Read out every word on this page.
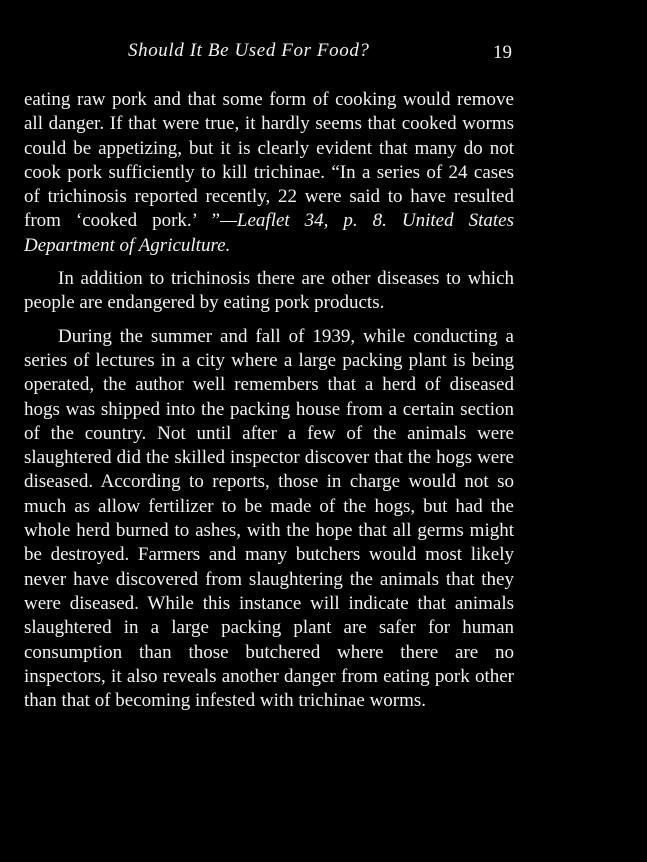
Should It Be Used For Food?	19

eating raw pork and that some form of cooking would remove all danger. If that were true, it hardly seems that cooked worms could be appetizing, but it is clearly evident that many do not cook pork sufficiently to kill trichinae. “In a series of 24 cases of trichinosis reported recently, 22 were said to have resulted from ‘cooked pork.’ ”—Leaflet 34, p. 8. United States Department of Agriculture.

In addition to trichinosis there are other diseases to which people are endangered by eating pork products.

During the summer and fall of 1939, while conducting a series of lectures in a city where a large packing plant is being operated, the author well remembers that a herd of diseased hogs was shipped into the packing house from a certain section of the country. Not until after a few of the animals were slaughtered did the skilled inspector discover that the hogs were diseased. According to reports, those in charge would not so much as allow fertilizer to be made of the hogs, but had the whole herd burned to ashes, with the hope that all germs might be destroyed. Farmers and many butchers would most likely never have discovered from slaughtering the animals that they were diseased. While this instance will indicate that animals slaughtered in a large packing plant are safer for human consumption than those butchered where there are no inspectors, it also reveals another danger from eating pork other than that of becoming infested with trichinae worms.
